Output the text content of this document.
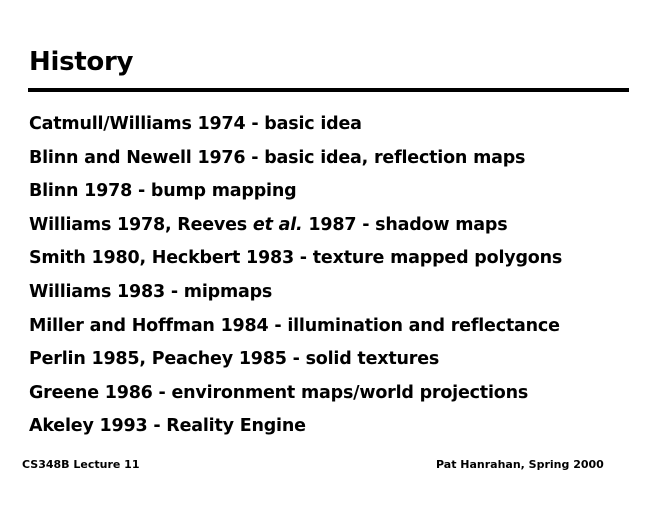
History
Catmull/Williams 1974 - basic idea
Blinn and Newell 1976 - basic idea, reflection maps
Blinn 1978 - bump mapping
Williams 1978, Reeves et al. 1987 - shadow maps
Smith 1980, Heckbert 1983 - texture mapped polygons
Williams 1983 - mipmaps
Miller and Hoffman 1984 - illumination and reflectance
Perlin 1985, Peachey 1985 - solid textures
Greene 1986 - environment maps/world projections
Akeley 1993 - Reality Engine
CS348B Lecture 11	Pat Hanrahan, Spring 2000
